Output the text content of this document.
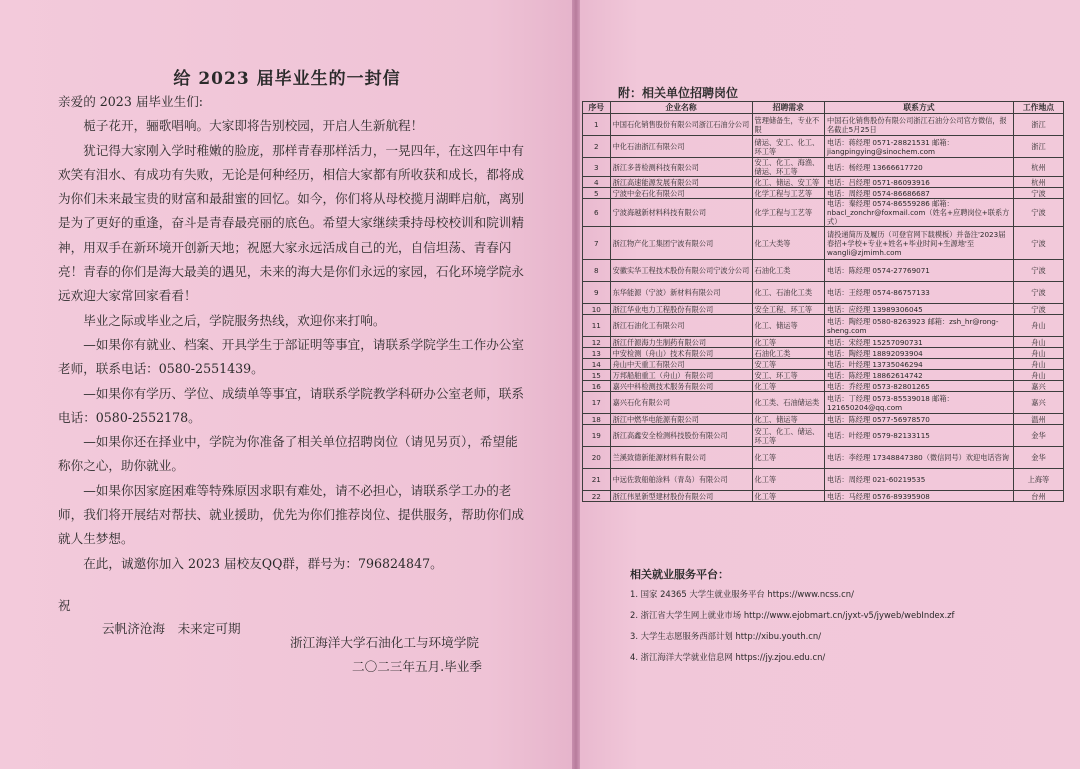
给 2023 届毕业生的一封信

亲爱的 2023 届毕业生们:

栀子花开，骊歌唱响。大家即将告别校园，开启人生新航程！

犹记得大家刚入学时稚嫩的脸庞，那样青春那样活力，一晃四年，在这四年中有欢笑有泪水、有成功有失败，无论是何种经历，相信大家都有所收获和成长，都将成为你们未来最宝贵的财富和最甜蜜的回忆。如今，你们将从母校揽月湖畔启航，离别是为了更好的重逢，奋斗是青春最亮丽的底色。希望大家继续秉持母校校训和院训精神，用双手在新环境开创新天地；祝愿大家永远活成自己的光，自信坦荡、青春闪亮！青春的你们是海大最美的遇见，未来的海大是你们永远的家园，石化环境学院永远欢迎大家常回家看看！

毕业之际或毕业之后，学院服务热线，欢迎你来打响。

—如果你有就业、档案、开具学生于部证明等事宜，请联系学院学生工作办公室老师，联系电话：0580-2551439。

—如果你有学历、学位、成绩单等事宜，请联系学院教学科研办公室老师，联系电话：0580-2552178。

—如果你还在择业中，学院为你准备了相关单位招聘岗位（请见另页），希望能称你之心，助你就业。

—如果你因家庭困难等特殊原因求职有难处，请不必担心，请联系学工办的老师，我们将开展结对帮扶、就业援助，优先为你们推荐岗位、提供服务，帮助你们成就人生梦想。

在此，诚邀你加入 2023 届校友QQ群，群号为：796824847。

祝
云帆济沧海　未来定可期
浙江海洋大学石油化工与环境学院
二〇二三年五月.毕业季
附：相关单位招聘岗位
序号	企业名称	招聘需求	联系方式	工作地点
1	中国石化销售股份有限公司浙江石油分公司	管理储备生，专业不限	中国石化销售股份有限公司浙江石油分公司官方微信，报名截止5月25日	浙江
2	中化石油浙江有限公司	储运、安工、化工、环工等	电话：蒋经理 0571-28821531 邮箱：jiangpingying@sinochem.com	浙江
3	浙江多普检测科技有限公司	安工、化工、海渔、储运、环工等	电话：杨经理 13666617720	杭州
4	浙江高速能源发展有限公司	化工、储运、安工等	电话：吕经理 0571-86093916	杭州
5	宁波中金石化有限公司	化学工程与工艺等	电话：周经理 0574-86686687	宁波
6	宁波海越新材料科技有限公司	化学工程与工艺等	电话：秦经理 0574-86559286 邮箱：nbacl_zonchr@foxmail.com（姓名+应聘岗位+联系方式）	宁波
7	浙江物产化工集团宁波有限公司	化工大类等	请投递简历及履历（可登官网下载模板）并备注'2023届春招+学校+专业+姓名+毕业时间+生源地'至 wangli@zjmimh.com	宁波
8	安徽实华工程技术股份有限公司宁波分公司	石油化工类	电话：陈经理 0574-27769071	宁波
9	东华能源（宁波）新材料有限公司	化工、石油化工类	电话：王经理 0574-86757133	宁波
10	浙江华业电力工程股份有限公司	安全工程、环工等	电话：应经理 13989306045	宁波
11	浙江石油化工有限公司	化工、储运等	电话：陶经理 0580-8263923 邮箱：zsh_hr@rong-sheng.com	舟山
12	浙江仟源海力生制药有限公司	化工等	电话：宋经理 15257090731	舟山
13	中安检测（舟山）技术有限公司	石油化工类	电话：陶经理 18892093904	舟山
14	舟山中天重工有限公司	安工等	电话：叶经理 13735046294	舟山
15	万邦船舶重工（舟山）有限公司	安工、环工等	电话：陈经理 18862614742	舟山
16	嘉兴中科检测技术服务有限公司	化工等	电话：乔经理 0573-82801265	嘉兴
17	嘉兴石化有限公司	化工类、石油储运类	电话：丁经理 0573-85539018 邮箱：121650204@qq.com	嘉兴
18	浙江中燃华电能源有限公司	化工、储运等	电话：陈经理 0577-56978570	温州
19	浙江高鑫安全检测科技股份有限公司	安工、化工、储运、环工等	电话：叶经理 0579-82133115	金华
20	兰溪致德新能源材料有限公司	化工等	电话：李经理 17348847380（微信同号）欢迎电话咨询	金华
21	中远佐敦船舶涂料（青岛）有限公司	化工等	电话：周经理 021-60219535	上海等
22	浙江伟星新型建材股份有限公司	化工等	电话：马经理 0576-89395908	台州
相关就业服务平台：
1. 国家 24365 大学生就业服务平台 https://www.ncss.cn/
2. 浙江省大学生网上就业市场 http://www.ejobmart.cn/jyxt-v5/jyweb/webIndex.zf
3. 大学生志愿服务西部计划 http://xibu.youth.cn/
4. 浙江海洋大学就业信息网 https://jy.zjou.edu.cn/
